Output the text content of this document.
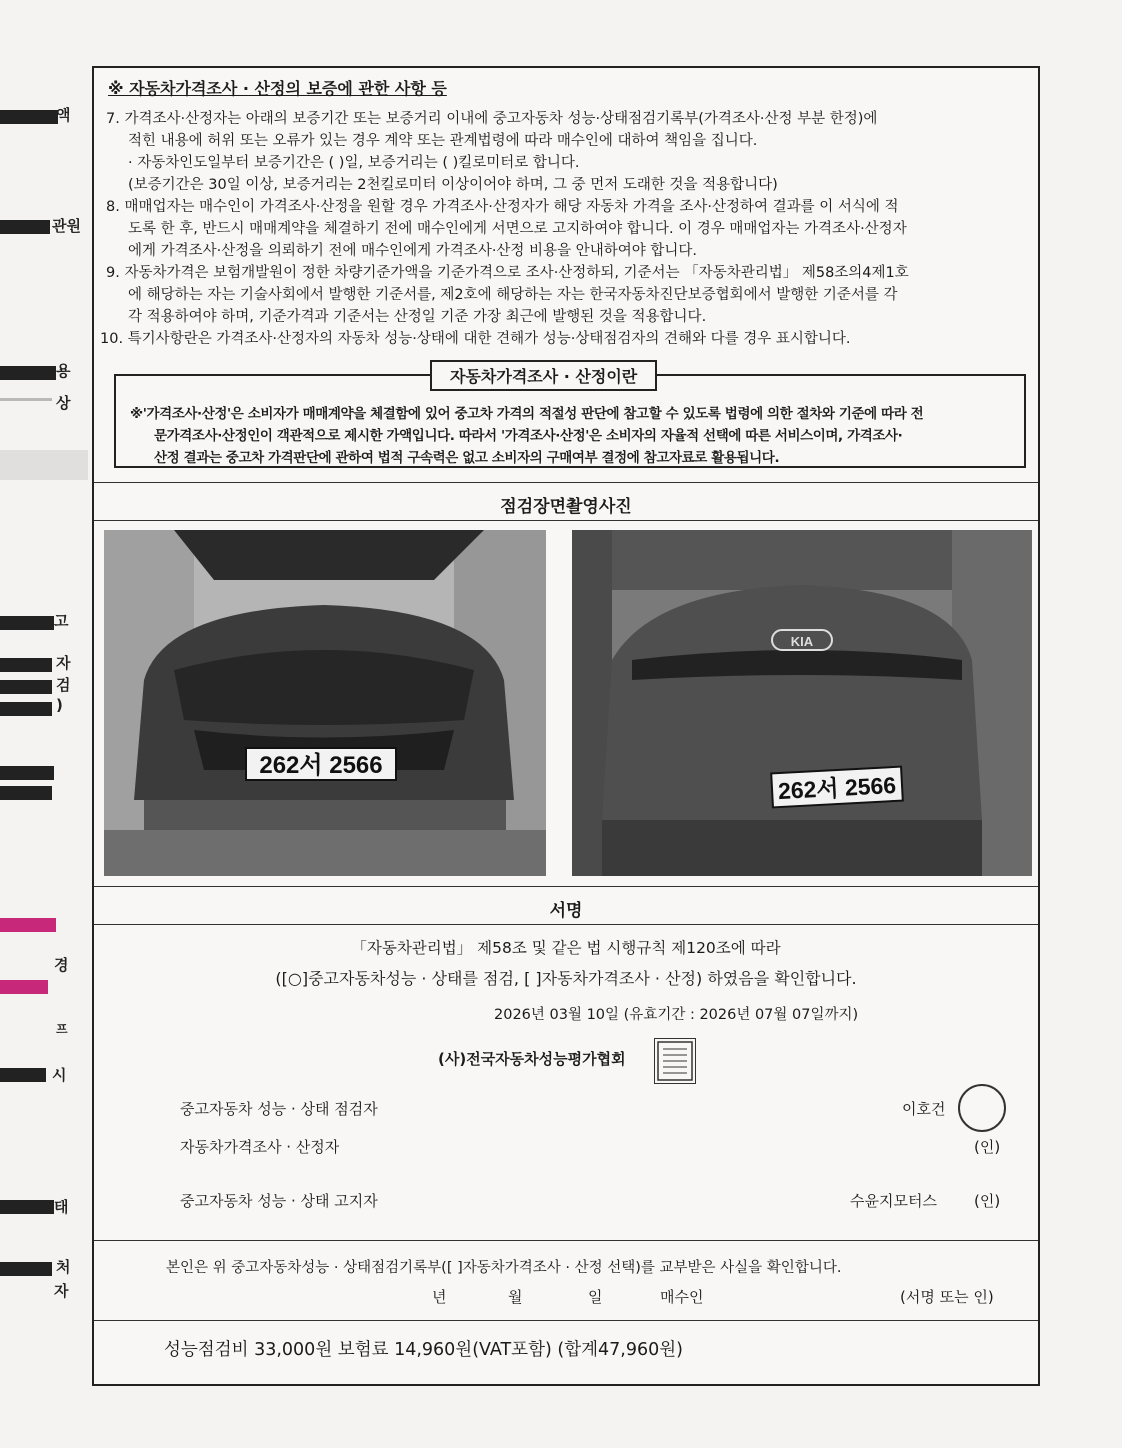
액
관원
용
상
고
자
검
)
경
프
시
태
처
자
※ 자동차가격조사 · 산정의 보증에 관한 사항 등
7. 가격조사·산정자는 아래의 보증기간 또는 보증거리 이내에 중고자동차 성능·상태점검기록부(가격조사·산정 부분 한정)에
적힌 내용에 허위 또는 오류가 있는 경우 계약 또는 관계법령에 따라 매수인에 대하여 책임을 집니다.
· 자동차인도일부터 보증기간은 ( )일, 보증거리는 ( )킬로미터로 합니다.
(보증기간은 30일 이상, 보증거리는 2천킬로미터 이상이어야 하며, 그 중 먼저 도래한 것을 적용합니다)
8. 매매업자는 매수인이 가격조사·산정을 원할 경우 가격조사·산정자가 해당 자동차 가격을 조사·산정하여 결과를 이 서식에 적
도록 한 후, 반드시 매매계약을 체결하기 전에 매수인에게 서면으로 고지하여야 합니다. 이 경우 매매업자는 가격조사·산정자
에게 가격조사·산정을 의뢰하기 전에 매수인에게 가격조사·산정 비용을 안내하여야 합니다.
9. 자동차가격은 보험개발원이 정한 차량기준가액을 기준가격으로 조사·산정하되, 기준서는 「자동차관리법」 제58조의4제1호
에 해당하는 자는 기술사회에서 발행한 기준서를, 제2호에 해당하는 자는 한국자동차진단보증협회에서 발행한 기준서를 각
각 적용하여야 하며, 기준가격과 기준서는 산정일 기준 가장 최근에 발행된 것을 적용합니다.
10. 특기사항란은 가격조사·산정자의 자동차 성능·상태에 대한 견해가 성능·상태점검자의 견해와 다를 경우 표시합니다.

※'가격조사·산정'은 소비자가 매매계약을 체결함에 있어 중고차 가격의 적절성 판단에 참고할 수 있도록 법령에 의한 절차와 기준에 따라 전

문가격조사·산정인이 객관적으로 제시한 가액입니다. 따라서 '가격조사·산정'은 소비자의 자율적 선택에 따른 서비스이며, 가격조사·

산정 결과는 중고차 가격판단에 관하여 법적 구속력은 없고 소비자의 구매여부 결정에 참고자료로 활용됩니다.

자동차가격조사 · 산정이란
점검장면촬영사진
262서 2566
KIA
262서 2566
서명
「자동차관리법」 제58조 및 같은 법 시행규칙 제120조에 따라
([○]중고자동차성능 · 상태를 점검, [ ]자동차가격조사 · 산정) 하였음을 확인합니다.
2026년 03월 10일 (유효기간 : 2026년 07월 07일까지)
(사)전국자동차성능평가협회
중고자동차 성능 · 상태 점검자	이호건
자동차가격조사 · 산정자	(인)
중고자동차 성능 · 상태 고지자	수윤지모터스 (인)
본인은 위 중고자동차성능 · 상태점검기록부([ ]자동차가격조사 · 산정 선택)를 교부받은 사실을 확인합니다.
년	월	일	매수인	(서명 또는 인)
성능점검비 33,000원 보험료 14,960원(VAT포함) (합계47,960원)
